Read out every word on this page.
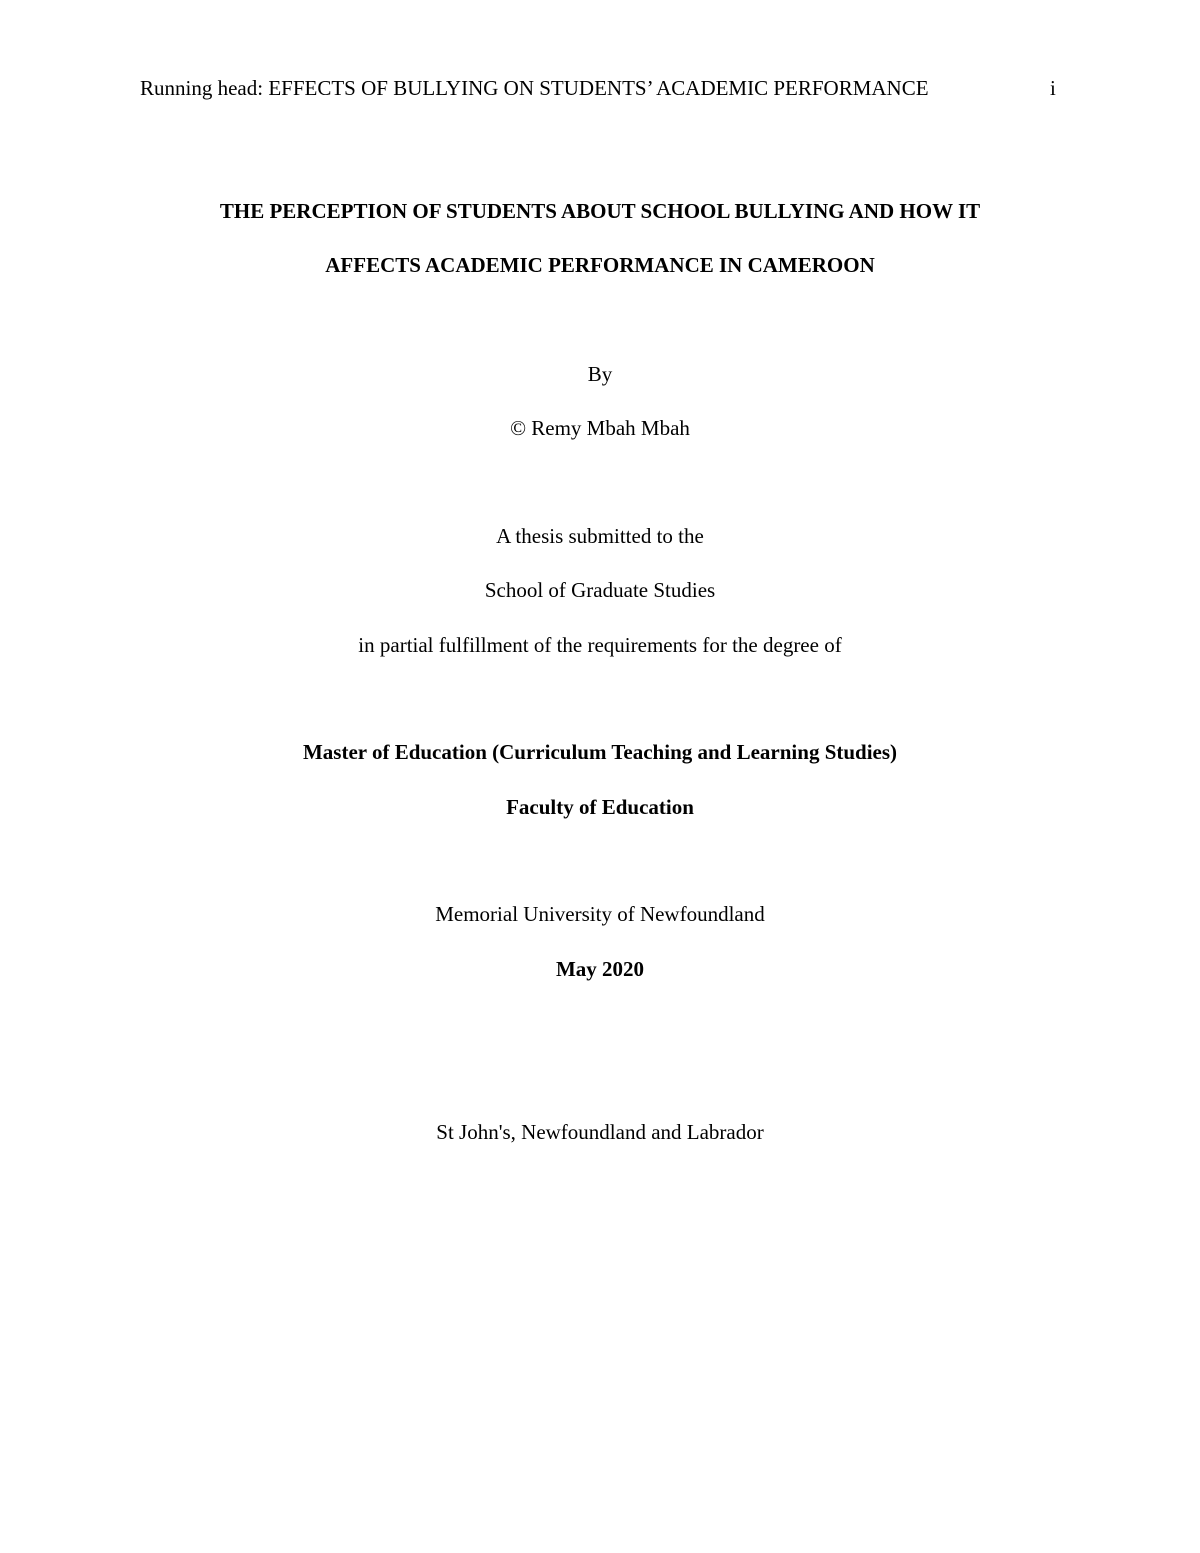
Running head: EFFECTS OF BULLYING ON STUDENTS’ ACADEMIC PERFORMANCE	i
THE PERCEPTION OF STUDENTS ABOUT SCHOOL BULLYING AND HOW IT
AFFECTS ACADEMIC PERFORMANCE IN CAMEROON
By
© Remy Mbah Mbah
A thesis submitted to the
School of Graduate Studies
in partial fulfillment of the requirements for the degree of
Master of Education (Curriculum Teaching and Learning Studies)
Faculty of Education
Memorial University of Newfoundland
May 2020
St John's, Newfoundland and Labrador
